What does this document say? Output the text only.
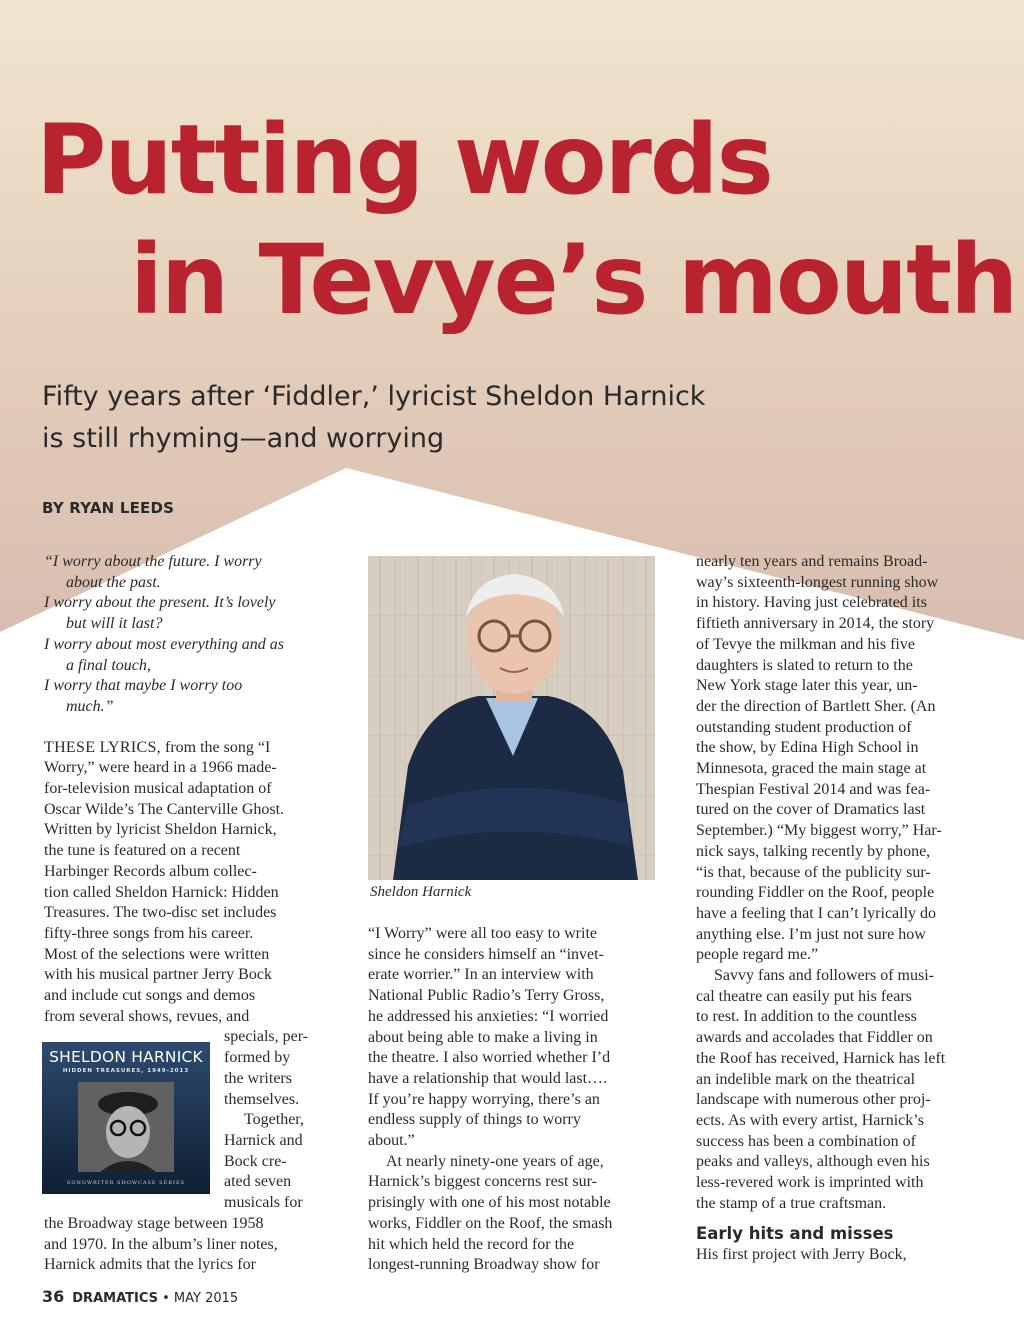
Putting words
in Tevye’s mouth
Fifty years after ‘Fiddler,’ lyricist Sheldon Harnick
is still rhyming—and worrying
BY RYAN LEEDS
“I worry about the future. I worry
about the past.
I worry about the present. It’s lovely
but will it last?
I worry about most everything and as
a final touch,
I worry that maybe I worry too
much.”
THESE LYRICS, from the song “I
Worry,” were heard in a 1966 made-
for-television musical adaptation of
Oscar Wilde’s The Canterville Ghost.
Written by lyricist Sheldon Harnick,
the tune is featured on a recent
Harbinger Records album collec-
tion called Sheldon Harnick: Hidden
Treasures. The two-disc set includes
fifty-three songs from his career.
Most of the selections were written
with his musical partner Jerry Bock
and include cut songs and demos
from several shows, revues, and
specials, per-
formed by
the writers
themselves.
Together,
Harnick and
Bock cre-
ated seven
musicals for
the Broadway stage between 1958
and 1970. In the album’s liner notes,
Harnick admits that the lyrics for
SHELDON HARNICK
HIDDEN TREASURES, 1949-2013
SONGWRITER SHOWCASE SERIES
Sheldon Harnick
“I Worry” were all too easy to write
since he considers himself an “invet-
erate worrier.” In an interview with
National Public Radio’s Terry Gross,
he addressed his anxieties: “I worried
about being able to make a living in
the theatre. I also worried whether I’d
have a relationship that would last….
If you’re happy worrying, there’s an
endless supply of things to worry
about.”
At nearly ninety-one years of age,
Harnick’s biggest concerns rest sur-
prisingly with one of his most notable
works, Fiddler on the Roof, the smash
hit which held the record for the
longest-running Broadway show for
nearly ten years and remains Broad-
way’s sixteenth-longest running show
in history. Having just celebrated its
fiftieth anniversary in 2014, the story
of Tevye the milkman and his five
daughters is slated to return to the
New York stage later this year, un-
der the direction of Bartlett Sher. (An
outstanding student production of
the show, by Edina High School in
Minnesota, graced the main stage at
Thespian Festival 2014 and was fea-
tured on the cover of Dramatics last
September.) “My biggest worry,” Har-
nick says, talking recently by phone,
“is that, because of the publicity sur-
rounding Fiddler on the Roof, people
have a feeling that I can’t lyrically do
anything else. I’m just not sure how
people regard me.”
Savvy fans and followers of musi-
cal theatre can easily put his fears
to rest. In addition to the countless
awards and accolades that Fiddler on
the Roof has received, Harnick has left
an indelible mark on the theatrical
landscape with numerous other proj-
ects. As with every artist, Harnick’s
success has been a combination of
peaks and valleys, although even his
less-revered work is imprinted with
the stamp of a true craftsman.
Early hits and misses
His first project with Jerry Bock,
36 DRAMATICS • MAY 2015
